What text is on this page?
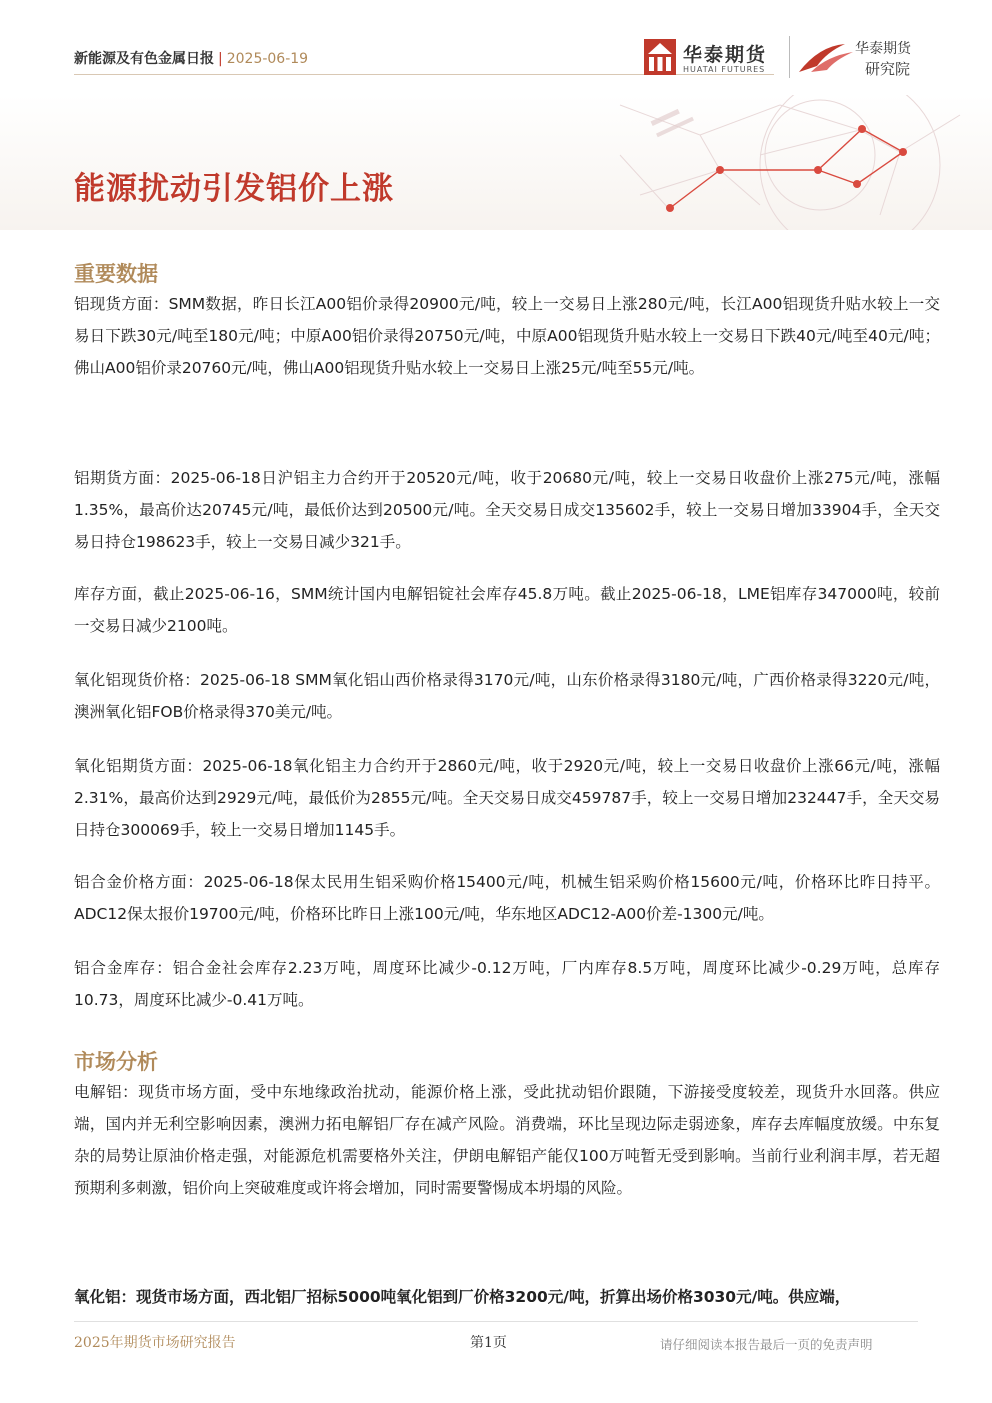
新能源及有色金属日报 | 2025-06-19	华泰期货
HUATAI FUTURES
华泰期货
研究院
能源扰动引发铝价上涨
重要数据
铝现货方面：SMM数据，昨日长江A00铝价录得20900元/吨，较上一交易日上涨280元/吨，长江A00铝现货升贴水较上一交易日下跌30元/吨至180元/吨；中原A00铝价录得20750元/吨，中原A00铝现货升贴水较上一交易日下跌40元/吨至40元/吨；佛山A00铝价录20760元/吨，佛山A00铝现货升贴水较上一交易日上涨25元/吨至55元/吨。
铝期货方面：2025-06-18日沪铝主力合约开于20520元/吨，收于20680元/吨，较上一交易日收盘价上涨275元/吨，涨幅1.35%，最高价达20745元/吨，最低价达到20500元/吨。全天交易日成交135602手，较上一交易日增加33904手，全天交易日持仓198623手，较上一交易日减少321手。
库存方面，截止2025-06-16，SMM统计国内电解铝锭社会库存45.8万吨。截止2025-06-18，LME铝库存347000吨，较前一交易日减少2100吨。
氧化铝现货价格：2025-06-18 SMM氧化铝山西价格录得3170元/吨，山东价格录得3180元/吨，广西价格录得3220元/吨，澳洲氧化铝FOB价格录得370美元/吨。
氧化铝期货方面：2025-06-18氧化铝主力合约开于2860元/吨，收于2920元/吨，较上一交易日收盘价上涨66元/吨，涨幅2.31%，最高价达到2929元/吨，最低价为2855元/吨。全天交易日成交459787手，较上一交易日增加232447手，全天交易日持仓300069手，较上一交易日增加1145手。
铝合金价格方面：2025-06-18保太民用生铝采购价格15400元/吨，机械生铝采购价格15600元/吨，价格环比昨日持平。ADC12保太报价19700元/吨，价格环比昨日上涨100元/吨，华东地区ADC12-A00价差-1300元/吨。
铝合金库存：铝合金社会库存2.23万吨，周度环比减少-0.12万吨，厂内库存8.5万吨，周度环比减少-0.29万吨，总库存10.73，周度环比减少-0.41万吨。
市场分析
电解铝：现货市场方面，受中东地缘政治扰动，能源价格上涨，受此扰动铝价跟随，下游接受度较差，现货升水回落。供应端，国内并无利空影响因素，澳洲力拓电解铝厂存在减产风险。消费端，环比呈现边际走弱迹象，库存去库幅度放缓。中东复杂的局势让原油价格走强，对能源危机需要格外关注，伊朗电解铝产能仅100万吨暂无受到影响。当前行业利润丰厚，若无超预期利多刺激，铝价向上突破难度或许将会增加，同时需要警惕成本坍塌的风险。
氧化铝：现货市场方面，西北铝厂招标5000吨氧化铝到厂价格3200元/吨，折算出场价格3030元/吨。供应端，
2025年期货市场研究报告	第1页	请仔细阅读本报告最后一页的免责声明
